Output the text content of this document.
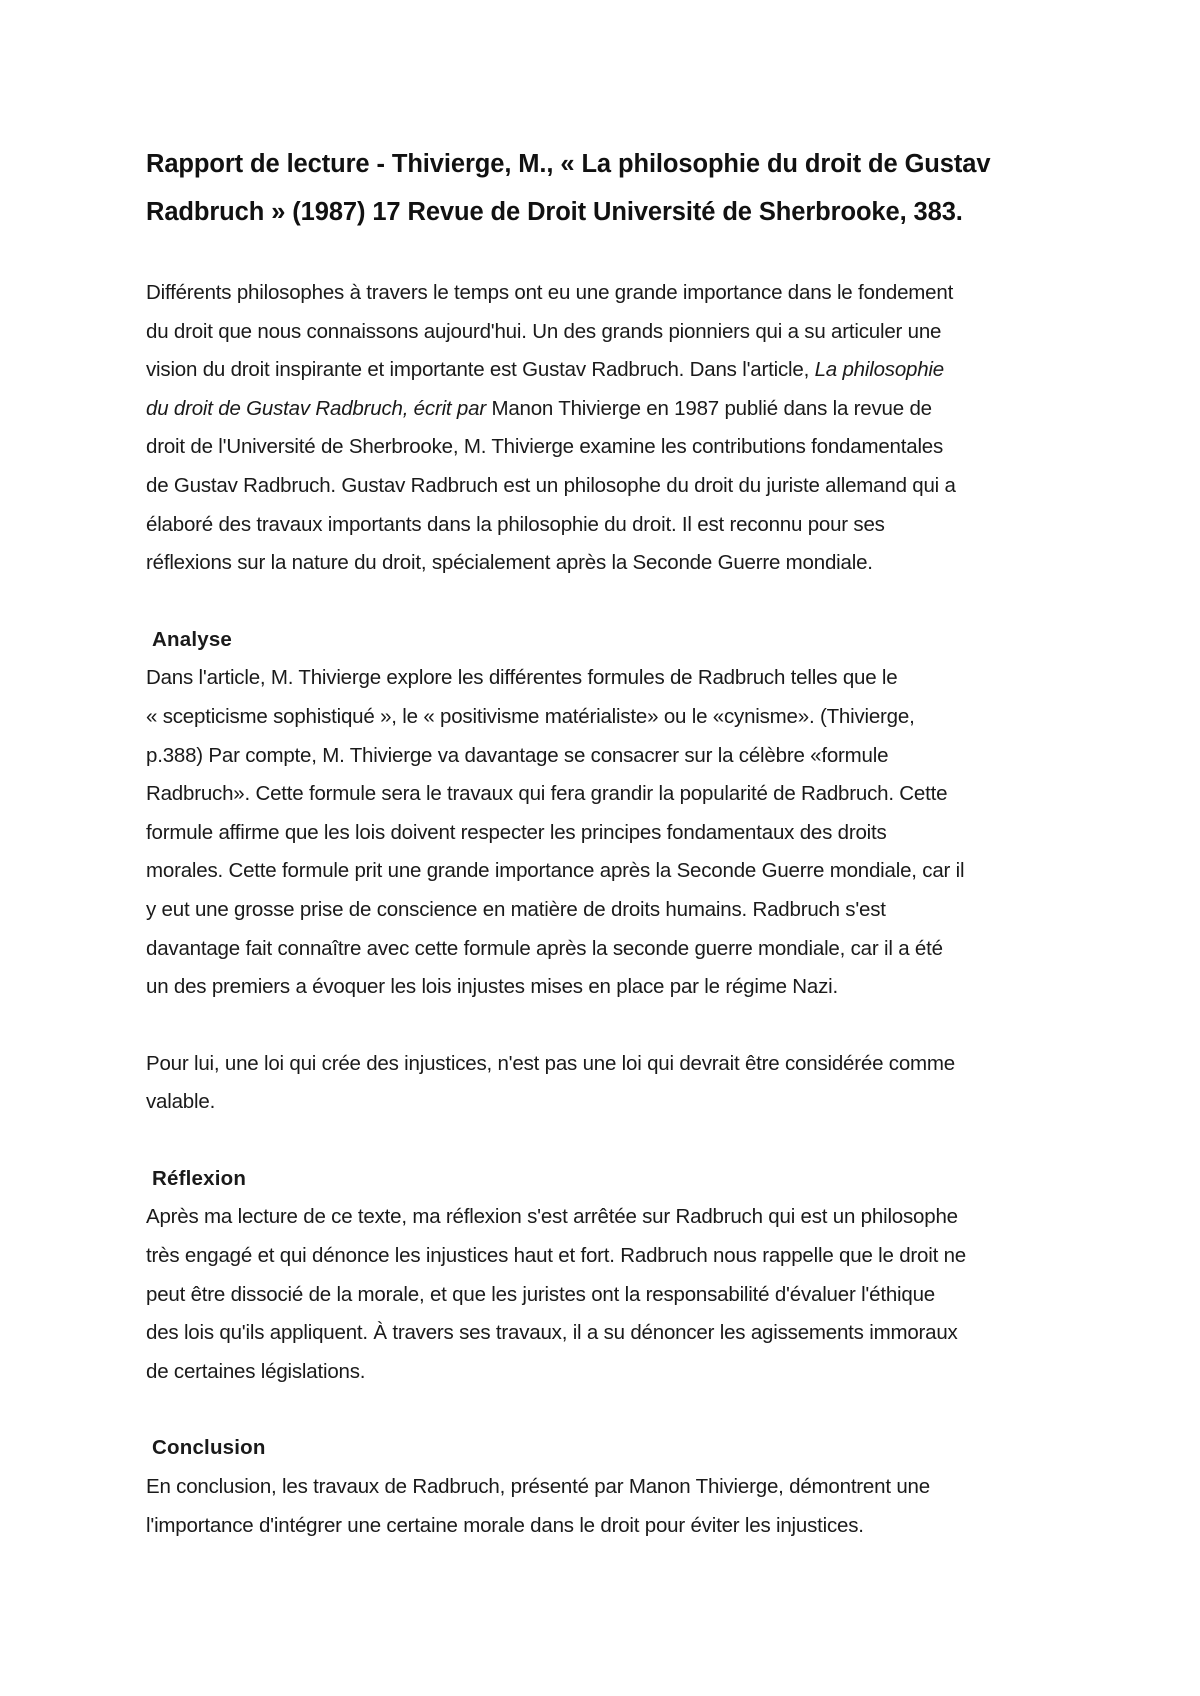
Rapport de lecture - Thivierge, M., « La philosophie du droit de Gustav
Radbruch » (1987) 17 Revue de Droit Université de Sherbrooke, 383.
Différents philosophes à travers le temps ont eu une grande importance dans le fondement
du droit que nous connaissons aujourd'hui. Un des grands pionniers qui a su articuler une
vision du droit inspirante et importante est Gustav Radbruch. Dans l'article, La philosophie
du droit de Gustav Radbruch, écrit par Manon Thivierge en 1987 publié dans la revue de
droit de l'Université de Sherbrooke, M. Thivierge examine les contributions fondamentales
de Gustav Radbruch. Gustav Radbruch est un philosophe du droit du juriste allemand qui a
élaboré des travaux importants dans la philosophie du droit. Il est reconnu pour ses
réflexions sur la nature du droit, spécialement après la Seconde Guerre mondiale.
Analyse
Dans l'article, M. Thivierge explore les différentes formules de Radbruch telles que le
« scepticisme sophistiqué », le « positivisme matérialiste» ou le «cynisme». (Thivierge,
p.388) Par compte, M. Thivierge va davantage se consacrer sur la célèbre «formule
Radbruch». Cette formule sera le travaux qui fera grandir la popularité de Radbruch. Cette
formule affirme que les lois doivent respecter les principes fondamentaux des droits
morales. Cette formule prit une grande importance après la Seconde Guerre mondiale, car il
y eut une grosse prise de conscience en matière de droits humains. Radbruch s'est
davantage fait connaître avec cette formule après la seconde guerre mondiale, car il a été
un des premiers a évoquer les lois injustes mises en place par le régime Nazi.
Pour lui, une loi qui crée des injustices, n'est pas une loi qui devrait être considérée comme
valable.
Réflexion
Après ma lecture de ce texte, ma réflexion s'est arrêtée sur Radbruch qui est un philosophe
très engagé et qui dénonce les injustices haut et fort. Radbruch nous rappelle que le droit ne
peut être dissocié de la morale, et que les juristes ont la responsabilité d'évaluer l'éthique
des lois qu'ils appliquent. À travers ses travaux, il a su dénoncer les agissements immoraux
de certaines législations.
Conclusion
En conclusion, les travaux de Radbruch, présenté par Manon Thivierge, démontrent une
l'importance d'intégrer une certaine morale dans le droit pour éviter les injustices.
